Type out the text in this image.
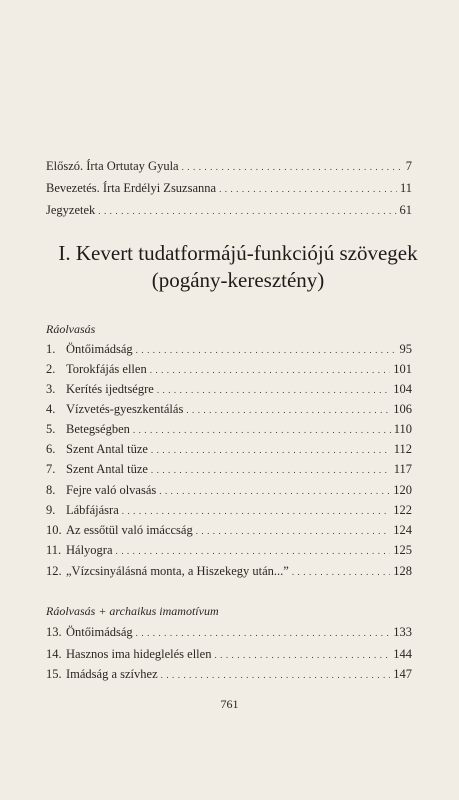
Előszó. Írta Ortutay Gyula . . .	7
Bevezetés. Írta Erdélyi Zsuzsanna . . .	11
Jegyzetek . . .	61
I. Kevert tudatformájú-funkciójú szövegek
(pogány-keresztény)
Ráolvasás
1. Öntőimádság . . .	95
2. Torokfájás ellen . . .	101
3. Kerítés ijedtségre . . .	104
4. Vízvetés-gyeszkentálás . . .	106
5. Betegségben . . .	110
6. Szent Antal tüze . . .	112
7. Szent Antal tüze . . .	117
8. Fejre való olvasás . . .	120
9. Lábfájásra . . .	122
10. Az essőtül való imáccság . . .	124
11. Hályogra . . .	125
12. „Vízcsinyálásná monta, a Hiszekegy után...” . . .	128
Ráolvasás + archaikus imamotívum
13. Öntőimádság . . .	133
14. Hasznos ima hideglelés ellen . . .	144
15. Imádság a szívhez . . .	147
761
